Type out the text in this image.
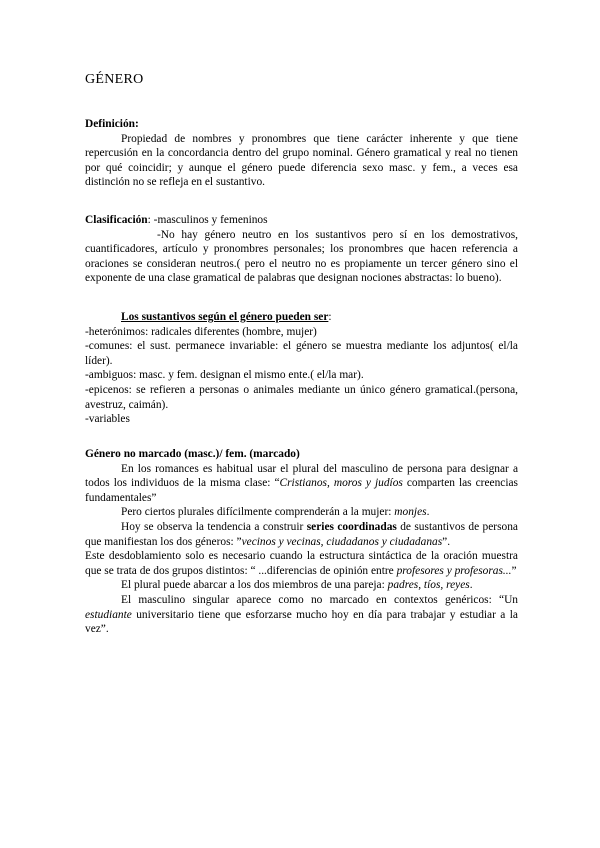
GÉNERO

Definición:

Propiedad de nombres y pronombres que tiene carácter inherente y que tiene repercusión en la concordancia dentro del grupo nominal. Género gramatical y real no tienen por qué coincidir; y aunque el género puede diferencia sexo masc. y fem., a veces esa distinción no se refleja en el sustantivo.

Clasificación: -masculinos y femeninos

-No hay género neutro en los sustantivos pero sí en los demostrativos, cuantificadores, artículo y pronombres personales; los pronombres que hacen referencia a oraciones se consideran neutros.( pero el neutro no es propiamente un tercer género sino el exponente de una clase gramatical de palabras que designan nociones abstractas: lo bueno).

Los sustantivos según el género pueden ser:

-heterónimos: radicales diferentes (hombre, mujer)

-comunes: el sust. permanece invariable: el género se muestra mediante los adjuntos( el/la líder).

-ambiguos: masc. y fem. designan el mismo ente.( el/la mar).

-epicenos: se refieren a personas o animales mediante un único género gramatical.(persona, avestruz, caimán).

-variables

Género no marcado (masc.)/ fem. (marcado)

En los romances es habitual usar el plural del masculino de persona para designar a todos los individuos de la misma clase: “Cristianos, moros y judíos comparten las creencias fundamentales”

Pero ciertos plurales difícilmente comprenderán a la mujer: monjes.

Hoy se observa la tendencia a construir series coordinadas de sustantivos de persona que manifiestan los dos géneros: ”vecinos y vecinas, ciudadanos y ciudadanas”.

Este desdoblamiento solo es necesario cuando la estructura sintáctica de la oración muestra que se trata de dos grupos distintos: “ ...diferencias de opinión entre profesores y profesoras...”

El plural puede abarcar a los dos miembros de una pareja: padres, tíos, reyes.

El masculino singular aparece como no marcado en contextos genéricos: “Un estudiante universitario tiene que esforzarse mucho hoy en día para trabajar y estudiar a la vez”.
